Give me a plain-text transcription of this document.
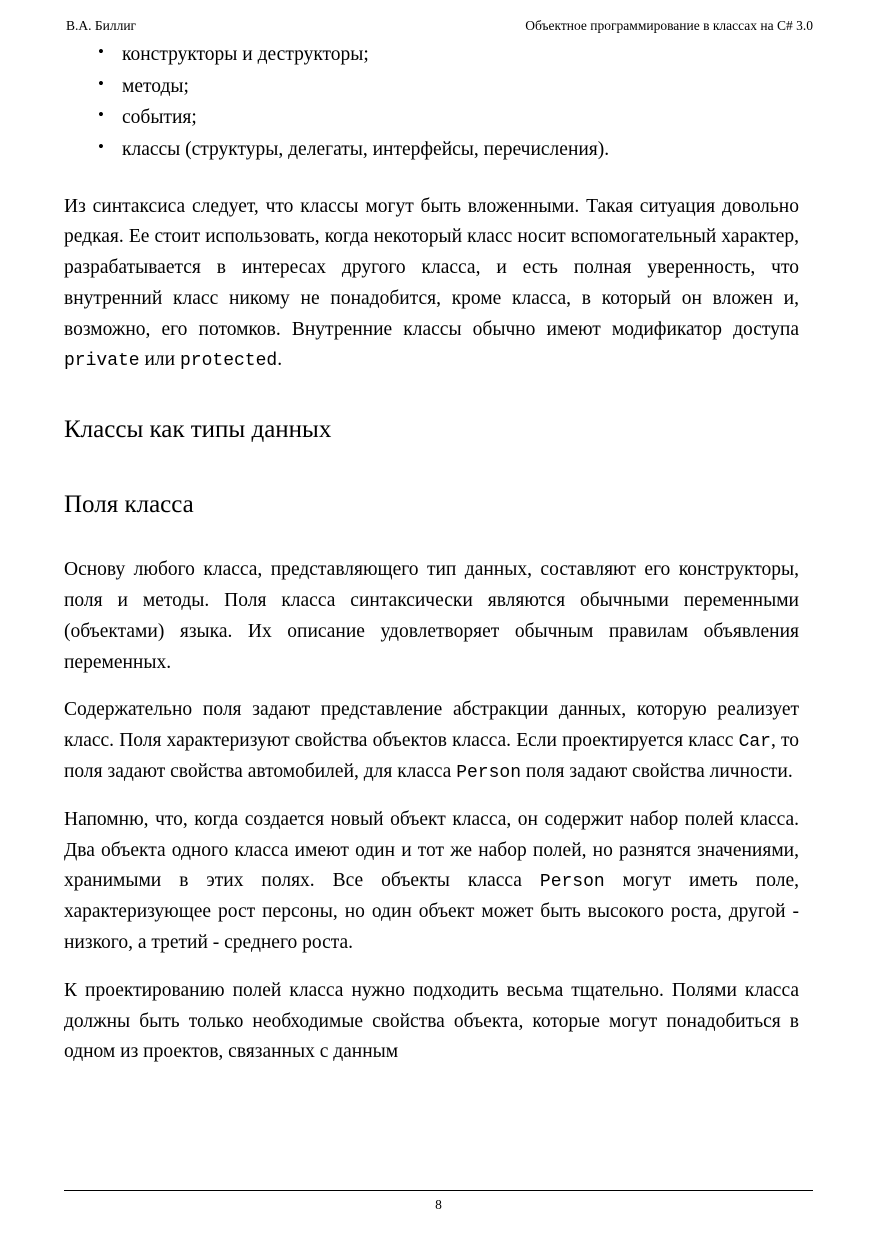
В.А. Биллиг	Объектное программирование в классах на C# 3.0
• конструкторы и деструкторы;
• методы;
• события;
• классы (структуры, делегаты, интерфейсы, перечисления).

Из синтаксиса следует, что классы могут быть вложенными. Такая ситуация довольно редкая. Ее стоит использовать, когда некоторый класс носит вспомогательный характер, разрабатывается в интересах другого класса, и есть полная уверенность, что внутренний класс никому не понадобится, кроме класса, в который он вложен и, возможно, его потомков. Внутренние классы обычно имеют модификатор доступа private или protected.

Классы как типы данных
Поля класса

Основу любого класса, представляющего тип данных, составляют его конструкторы, поля и методы. Поля класса синтаксически являются обычными переменными (объектами) языка. Их описание удовлетворяет обычным правилам объявления переменных.

Содержательно поля задают представление абстракции данных, которую реализует класс. Поля характеризуют свойства объектов класса. Если проектируется класс Car, то поля задают свойства автомобилей, для класса Person поля задают свойства личности.

Напомню, что, когда создается новый объект класса, он содержит набор полей класса. Два объекта одного класса имеют один и тот же набор полей, но разнятся значениями, хранимыми в этих полях. Все объекты класса Person могут иметь поле, характеризующее рост персоны, но один объект может быть высокого роста, другой - низкого, а третий - среднего роста.

К проектированию полей класса нужно подходить весьма тщательно. Полями класса должны быть только необходимые свойства объекта, которые могут понадобиться в одном из проектов, связанных с данным

8
